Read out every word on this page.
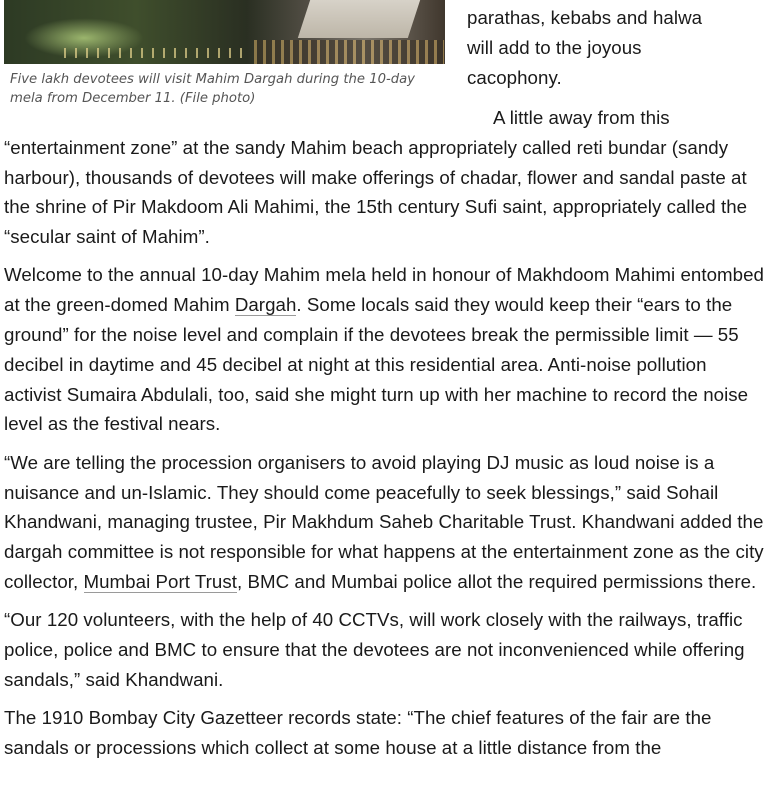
Five lakh devotees will visit Mahim Dargah during the 10-day mela from December 11. (File photo)

parathas, kebabs and halwa

will add to the joyous

cacophony.

A little away from this “entertainment zone” at the sandy Mahim beach appropriately called reti bundar (sandy harbour), thousands of devotees will make offerings of chadar, flower and sandal paste at the shrine of Pir Makdoom Ali Mahimi, the 15th century Sufi saint, appropriately called the “secular saint of Mahim”.

Welcome to the annual 10-day Mahim mela held in honour of Makhdoom Mahimi entombed at the green-domed Mahim Dargah. Some locals said they would keep their “ears to the ground” for the noise level and complain if the devotees break the permissible limit — 55 decibel in daytime and 45 decibel at night at this residential area. Anti-noise pollution activist Sumaira Abdulali, too, said she might turn up with her machine to record the noise level as the festival nears.

“We are telling the procession organisers to avoid playing DJ music as loud noise is a nuisance and un-Islamic. They should come peacefully to seek blessings,” said Sohail Khandwani, managing trustee, Pir Makhdum Saheb Charitable Trust. Khandwani added the dargah committee is not responsible for what happens at the entertainment zone as the city collector, Mumbai Port Trust, BMC and Mumbai police allot the required permissions there.

“Our 120 volunteers, with the help of 40 CCTVs, will work closely with the railways, traffic police, police and BMC to ensure that the devotees are not inconvenienced while offering sandals,” said Khandwani.

The 1910 Bombay City Gazetteer records state: “The chief features of the fair are the sandals or processions which collect at some house at a little distance from the
